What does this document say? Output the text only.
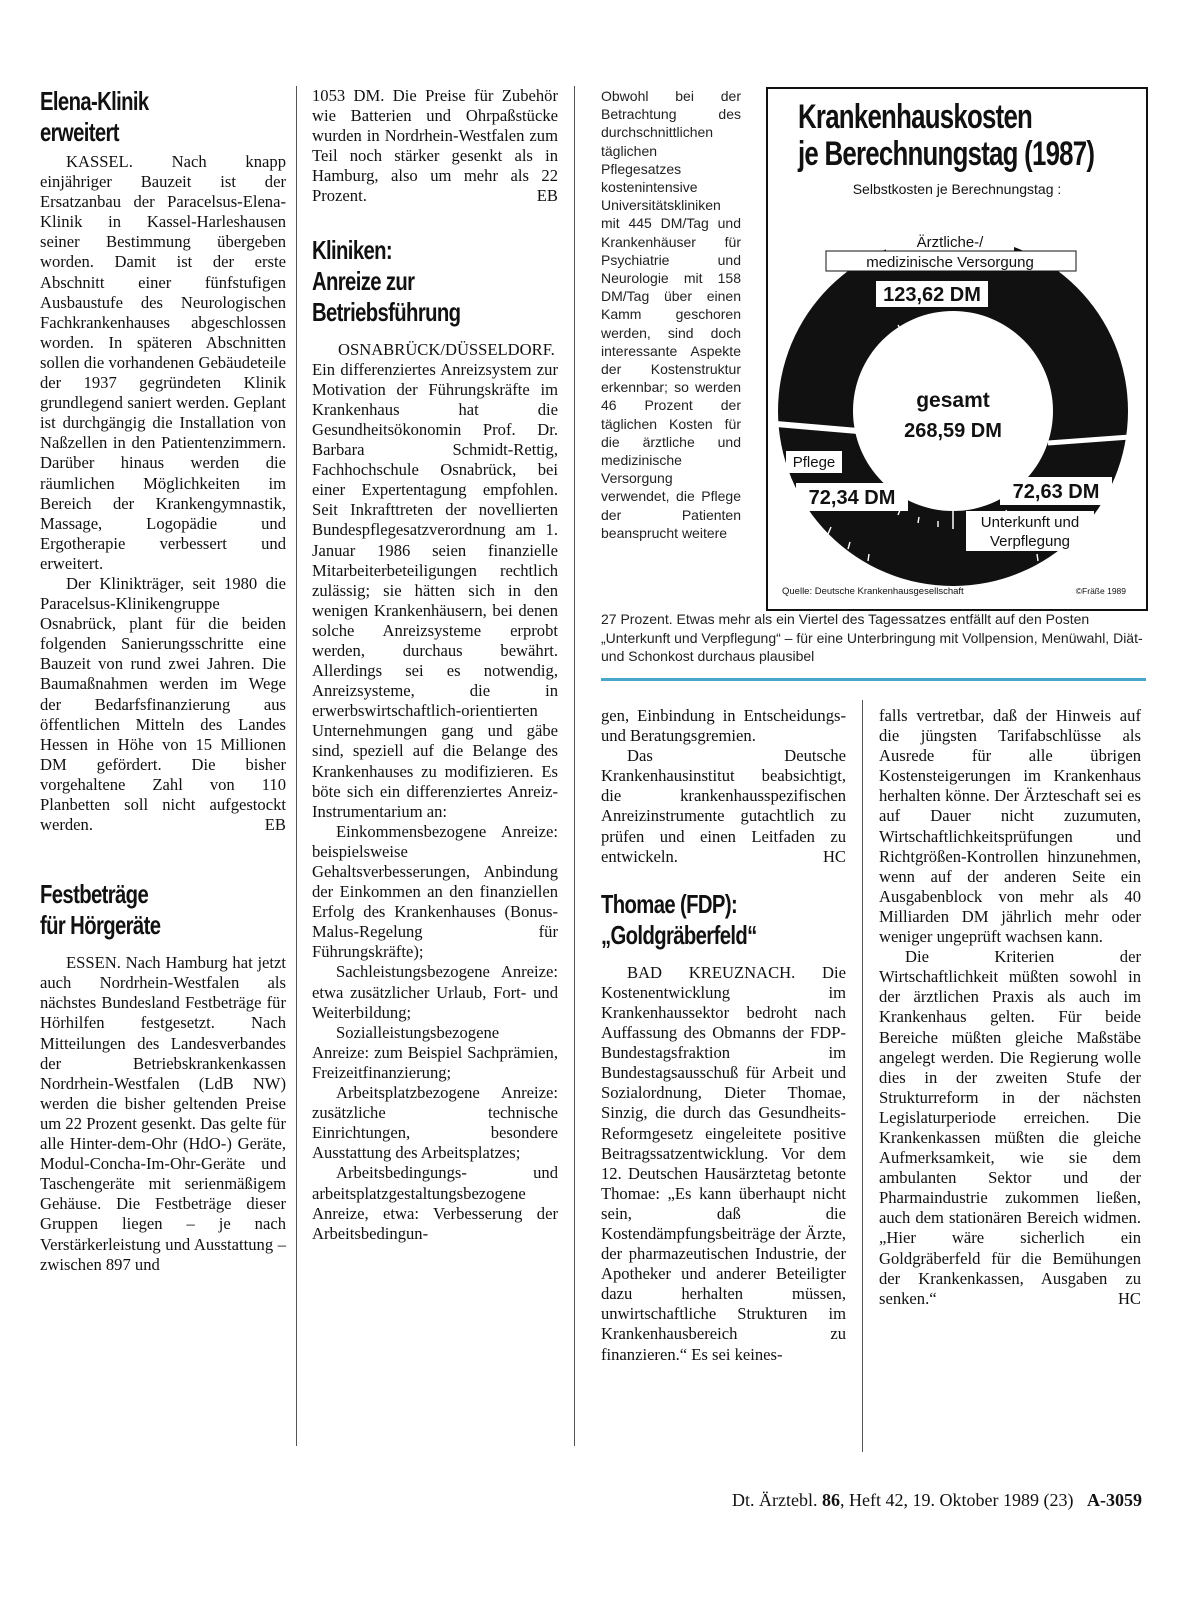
Elena-Klinik
erweitert

KASSEL. Nach knapp einjähriger Bauzeit ist der Ersatzanbau der Paracelsus-Elena-Klinik in Kassel-Harleshausen seiner Bestimmung übergeben worden. Damit ist der erste Abschnitt einer fünfstufigen Ausbaustufe des Neurologischen Fachkrankenhauses abgeschlossen worden. In späteren Abschnitten sollen die vorhandenen Gebäudeteile der 1937 gegründeten Klinik grundlegend saniert werden. Geplant ist durchgängig die Installation von Naßzellen in den Patientenzimmern. Darüber hinaus werden die räumlichen Möglichkeiten im Bereich der Krankengymnastik, Massage, Logopädie und Ergotherapie verbessert und erweitert.

Der Klinikträger, seit 1980 die Paracelsus-Klinikengruppe Osnabrück, plant für die beiden folgenden Sanierungsschritte eine Bauzeit von rund zwei Jahren. Die Baumaßnahmen werden im Wege der Bedarfsfinanzierung aus öffentlichen Mitteln des Landes Hessen in Höhe von 15 Millionen DM gefördert. Die bisher vorgehaltene Zahl von 110 Planbetten soll nicht aufgestockt werden.	EB

Festbeträge
für Hörgeräte

ESSEN. Nach Hamburg hat jetzt auch Nordrhein-Westfalen als nächstes Bundesland Festbeträge für Hörhilfen festgesetzt. Nach Mitteilungen des Landesverbandes der Betriebskrankenkassen Nordrhein-Westfalen (LdB NW) werden die bisher geltenden Preise um 22 Prozent gesenkt. Das gelte für alle Hinter-dem-Ohr (HdO-) Geräte, Modul-Concha-Im-Ohr-Geräte und Taschengeräte mit serienmäßigem Gehäuse. Die Festbeträge dieser Gruppen liegen – je nach Verstärkerleistung und Ausstattung – zwischen 897 und

1053 DM. Die Preise für Zubehör wie Batterien und Ohrpaßstücke wurden in Nordrhein-Westfalen zum Teil noch stärker gesenkt als in Hamburg, also um mehr als 22 Prozent.	EB

Kliniken:
Anreize zur
Betriebsführung

OSNABRÜCK/DÜSSELDORF. Ein differenziertes Anreizsystem zur Motivation der Führungskräfte im Krankenhaus hat die Gesundheitsökonomin Prof. Dr. Barbara Schmidt-Rettig, Fachhochschule Osnabrück, bei einer Expertentagung empfohlen. Seit Inkrafttreten der novellierten Bundespflegesatzverordnung am 1. Januar 1986 seien finanzielle Mitarbeiterbeteiligungen rechtlich zulässig; sie hätten sich in den wenigen Krankenhäusern, bei denen solche Anreizsysteme erprobt werden, durchaus bewährt. Allerdings sei es notwendig, Anreizsysteme, die in erwerbswirtschaftlich-orientierten Unternehmungen gang und gäbe sind, speziell auf die Belange des Krankenhauses zu modifizieren. Es böte sich ein differenziertes Anreiz-Instrumentarium an:

Einkommensbezogene Anreize: beispielsweise Gehaltsverbesserungen, Anbindung der Einkommen an den finanziellen Erfolg des Krankenhauses (Bonus-Malus-Regelung für Führungskräfte);

Sachleistungsbezogene Anreize: etwa zusätzlicher Urlaub, Fort- und Weiterbildung;

Sozialleistungsbezogene Anreize: zum Beispiel Sachprämien, Freizeitfinanzierung;

Arbeitsplatzbezogene Anreize: zusätzliche technische Einrichtungen, besondere Ausstattung des Arbeitsplatzes;

Arbeitsbedingungs- und arbeitsplatzgestaltungsbezogene Anreize, etwa: Verbesserung der Arbeitsbedingun-

Obwohl bei der Betrachtung des durchschnittlichen täglichen Pflegesatzes kostenintensive Universitätskliniken mit 445 DM/Tag und Krankenhäuser für Psychiatrie und Neurologie mit 158 DM/Tag über einen Kamm geschoren werden, sind doch interessante Aspekte der Kostenstruktur erkennbar; so werden 46 Prozent der täglichen Kosten für die ärztliche und medizinische Versorgung verwendet, die Pflege der Patienten beansprucht weitere
27 Prozent. Etwas mehr als ein Viertel des Tagessatzes entfällt auf den Posten „Unterkunft und Verpflegung“ – für eine Unterbringung mit Vollpension, Menüwahl, Diät- und Schonkost durchaus plausibel
Krankenhauskosten
je Berechnungstag (1987)
Selbstkosten je Berechnungstag :
Ärztliche-/
medizinische Versorgung
123,62 DM
gesamt
268,59 DM
Pflege
72,34 DM	72,63 DM
Unterkunft und
Verpflegung
Quelle: Deutsche Krankenhausgesellschaft	©Fräße 1989

gen, Einbindung in Entscheidungs- und Beratungsgremien.

Das Deutsche Krankenhausinstitut beabsichtigt, die krankenhausspezifischen Anreizinstrumente gutachtlich zu prüfen und einen Leitfaden zu entwickeln.	HC

Thomae (FDP):
„Goldgräberfeld“

BAD KREUZNACH. Die Kostenentwicklung im Krankenhaussektor bedroht nach Auffassung des Obmanns der FDP-Bundestagsfraktion im Bundestagsausschuß für Arbeit und Sozialordnung, Dieter Thomae, Sinzig, die durch das Gesundheits-Reformgesetz eingeleitete positive Beitragssatzentwicklung. Vor dem 12. Deutschen Hausärztetag betonte Thomae: „Es kann überhaupt nicht sein, daß die Kostendämpfungsbeiträge der Ärzte, der pharmazeutischen Industrie, der Apotheker und anderer Beteiligter dazu herhalten müssen, unwirtschaftliche Strukturen im Krankenhausbereich zu finanzieren.“ Es sei keines-

falls vertretbar, daß der Hinweis auf die jüngsten Tarifabschlüsse als Ausrede für alle übrigen Kostensteigerungen im Krankenhaus herhalten könne. Der Ärzteschaft sei es auf Dauer nicht zuzumuten, Wirtschaftlichkeitsprüfungen und Richtgrößen-Kontrollen hinzunehmen, wenn auf der anderen Seite ein Ausgabenblock von mehr als 40 Milliarden DM jährlich mehr oder weniger ungeprüft wachsen kann.

Die Kriterien der Wirtschaftlichkeit müßten sowohl in der ärztlichen Praxis als auch im Krankenhaus gelten. Für beide Bereiche müßten gleiche Maßstäbe angelegt werden. Die Regierung wolle dies in der zweiten Stufe der Strukturreform in der nächsten Legislaturperiode erreichen. Die Krankenkassen müßten die gleiche Aufmerksamkeit, wie sie dem ambulanten Sektor und der Pharmaindustrie zukommen ließen, auch dem stationären Bereich widmen. „Hier wäre sicherlich ein Goldgräberfeld für die Bemühungen der Krankenkassen, Ausgaben zu senken.“	HC

Dt. Ärztebl. 86, Heft 42, 19. Oktober 1989 (23) A-3059
